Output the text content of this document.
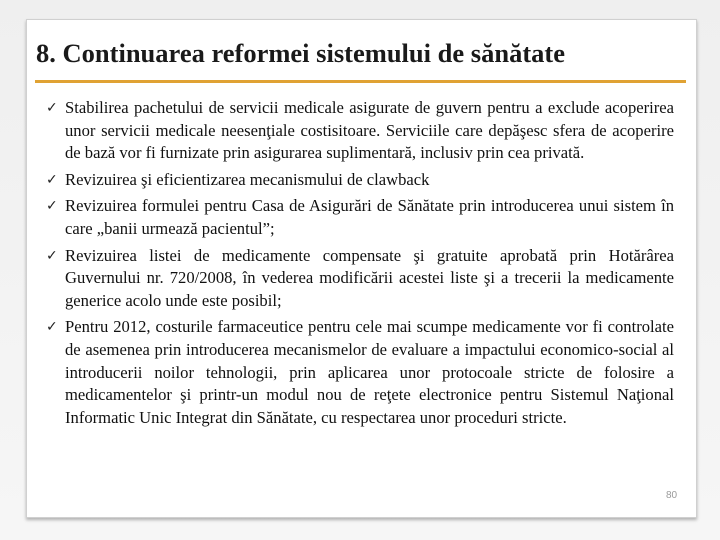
8. Continuarea reformei sistemului de sănătate
✓ Stabilirea pachetului de servicii medicale asigurate de guvern pentru a exclude acoperirea unor servicii medicale neesenţiale costisitoare. Serviciile care depăşesc sfera de acoperire de bază vor fi furnizate prin asigurarea suplimentară, inclusiv prin cea privată.
✓ Revizuirea şi eficientizarea mecanismului de clawback
✓ Revizuirea formulei pentru Casa de Asigurări de Sănătate prin introducerea unui sistem în care „banii urmează pacientul”;
✓ Revizuirea listei de medicamente compensate şi gratuite aprobată prin Hotărârea Guvernului nr. 720/2008, în vederea modificării acestei liste şi a trecerii la medicamente generice acolo unde este posibil;
✓ Pentru 2012, costurile farmaceutice pentru cele mai scumpe medicamente vor fi controlate de asemenea prin introducerea mecanismelor de evaluare a impactului economico-social al introducerii noilor tehnologii, prin aplicarea unor protocoale stricte de folosire a medicamentelor şi printr-un modul nou de reţete electronice pentru Sistemul Naţional Informatic Unic Integrat din Sănătate, cu respectarea unor proceduri stricte.
80
